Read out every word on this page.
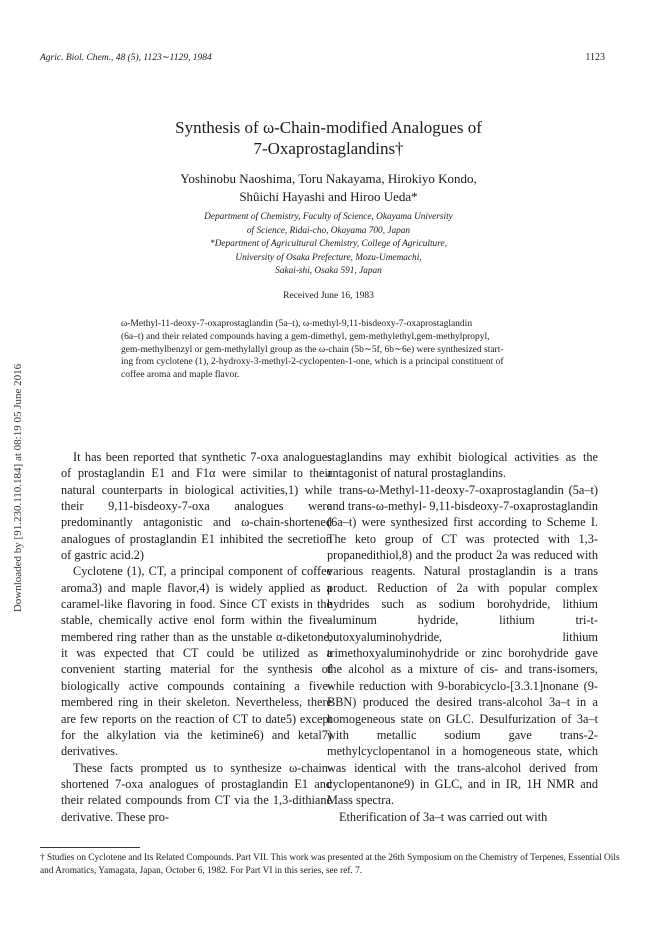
Agric. Biol. Chem., 48 (5), 1123∼1129, 1984	1123
Downloaded by [91.230.110.184] at 08:19 05 June 2016
Synthesis of ω-Chain-modified Analogues of
7-Oxaprostaglandins†
Yoshinobu Naoshima, Toru Nakayama, Hirokiyo Kondo,
Shûichi Hayashi and Hiroo Ueda*
Department of Chemistry, Faculty of Science, Okayama University
of Science, Ridai-cho, Okayama 700, Japan
*Department of Agricultural Chemistry, College of Agriculture,
University of Osaka Prefecture, Mozu-Umemachi,
Sakai-shi, Osaka 591, Japan
Received June 16, 1983
ω-Methyl-11-deoxy-7-oxaprostaglandin (5a–t), ω-methyl-9,11-bisdeoxy-7-oxaprostaglandin
(6a–t) and their related compounds having a gem-dimethyl, gem-methylethyl,gem-methylpropyl,
gem-methylbenzyl or gem-methylallyl group as the ω-chain (5b∼5f, 6b∼6e) were synthesized start-
ing from cyclotene (1), 2-hydroxy-3-methyl-2-cyclopenten-1-one, which is a principal constituent of
coffee aroma and maple flavor.

It has been reported that synthetic 7-oxa analogues of prostaglandin E1 and F1α were similar to their natural counterparts in biological activities,1) while their 9,11-bisdeoxy-7-oxa analogues were predominantly antagonistic and ω-chain-shortened analogues of prostaglandin E1 inhibited the secretion of gastric acid.2)

Cyclotene (1), CT, a principal component of coffee aroma3) and maple flavor,4) is widely applied as a caramel-like flavoring in food. Since CT exists in the stable, chemically active enol form within the five-membered ring rather than as the unstable α-diketone, it was expected that CT could be utilized as a convenient starting material for the synthesis of biologically active compounds containing a five-membered ring in their skeleton. Nevertheless, there are few reports on the reaction of CT to date5) except for the alkylation via the ketimine6) and ketal7) derivatives.

These facts prompted us to synthesize ω-chain-shortened 7-oxa analogues of prostaglandin E1 and their related compounds from CT via the 1,3-dithiane derivative. These pro-

staglandins may exhibit biological activities as the antagonist of natural prostaglandins.

trans-ω-Methyl-11-deoxy-7-oxaprostaglandin (5a–t) and trans-ω-methyl- 9,11-bisdeoxy-7-oxaprostaglandin (6a–t) were synthesized first according to Scheme I. The keto group of CT was protected with 1,3-propanedithiol,8) and the product 2a was reduced with various reagents. Natural prostaglandin is a trans product. Reduction of 2a with popular complex hydrides such as sodium borohydride, lithium aluminum hydride, lithium tri-t-butoxyaluminohydride, lithium trimethoxyaluminohydride or zinc borohydride gave the alcohol as a mixture of cis- and trans-isomers, while reduction with 9-borabicyclo-[3.3.1]nonane (9-BBN) produced the desired trans-alcohol 3a–t in a homogeneous state on GLC. Desulfurization of 3a–t with metallic sodium gave trans-2-methylcyclopentanol in a homogeneous state, which was identical with the trans-alcohol derived from cyclopentanone9) in GLC, and in IR, 1H NMR and Mass spectra.

Etherification of 3a–t was carried out with

† Studies on Cyclotene and Its Related Compounds. Part VII. This work was presented at the 26th Symposium on the Chemistry of Terpenes, Essential Oils and Aromatics, Yamagata, Japan, October 6, 1982. For Part VI in this series, see ref. 7.
